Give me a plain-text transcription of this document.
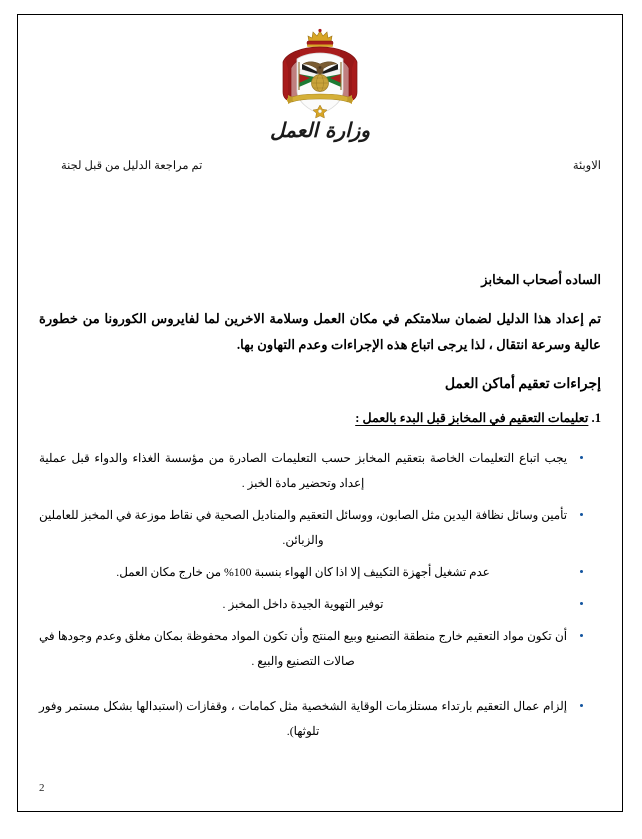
وزارة العمل
الاوبئة
تم مراجعة الدليل من قبل لجنة

الساده أصحاب المخابز

تم إعداد هذا الدليل لضمان سلامتكم في مكان العمل وسلامة الاخرين لما لفايروس الكورونا من خطورة عالية وسرعة انتقال ، لذا يرجى اتباع هذه الإجراءات وعدم التهاون بها.

إجراءات تعقيم أماكن العمل
1. تعليمات التعقيم في المخابز قبل البدء بالعمل :
يجب اتباع التعليمات الخاصة بتعقيم المخابز حسب التعليمات الصادرة من مؤسسة الغذاء والدواء قبل عملية إعداد وتحضير مادة الخبز .
تأمين وسائل نظافة اليدين مثل الصابون، ووسائل التعقيم والمناديل الصحية في نقاط موزعة في المخبز للعاملين والزبائن.
عدم تشغيل أجهزة التكييف إلا اذا كان الهواء بنسبة 100% من خارج مكان العمل.
توفير التهوية الجيدة داخل المخبز .
أن تكون مواد التعقيم خارج منطقة التصنيع وبيع المنتج وأن تكون المواد محفوظة بمكان مغلق وعدم وجودها في صالات التصنيع والبيع .
إلزام عمال التعقيم بارتداء مستلزمات الوقاية الشخصية مثل كمامات ، وقفازات (استبدالها بشكل مستمر وفور تلوثها).
2
